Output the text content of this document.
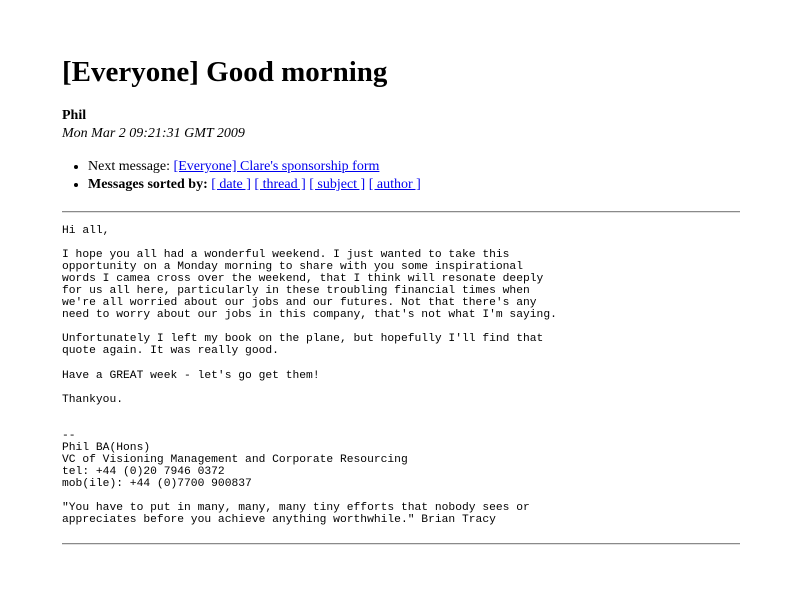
[Everyone] Good morning
Phil
Mon Mar 2 09:21:31 GMT 2009
• Next message: [Everyone] Clare's sponsorship form
• Messages sorted by: [ date ] [ thread ] [ subject ] [ author ]
Hi all,

I hope you all had a wonderful weekend. I just wanted to take this
opportunity on a Monday morning to share with you some inspirational
words I camea cross over the weekend, that I think will resonate deeply
for us all here, particularly in these troubling financial times when
we're all worried about our jobs and our futures. Not that there's any
need to worry about our jobs in this company, that's not what I'm saying.

Unfortunately I left my book on the plane, but hopefully I'll find that
quote again. It was really good.

Have a GREAT week - let's go get them!

Thankyou.

--
Phil BA(Hons)
VC of Visioning Management and Corporate Resourcing
tel: +44 (0)20 7946 0372
mob(ile): +44 (0)7700 900837

"You have to put in many, many, many tiny efforts that nobody sees or
appreciates before you achieve anything worthwhile." Brian Tracy
